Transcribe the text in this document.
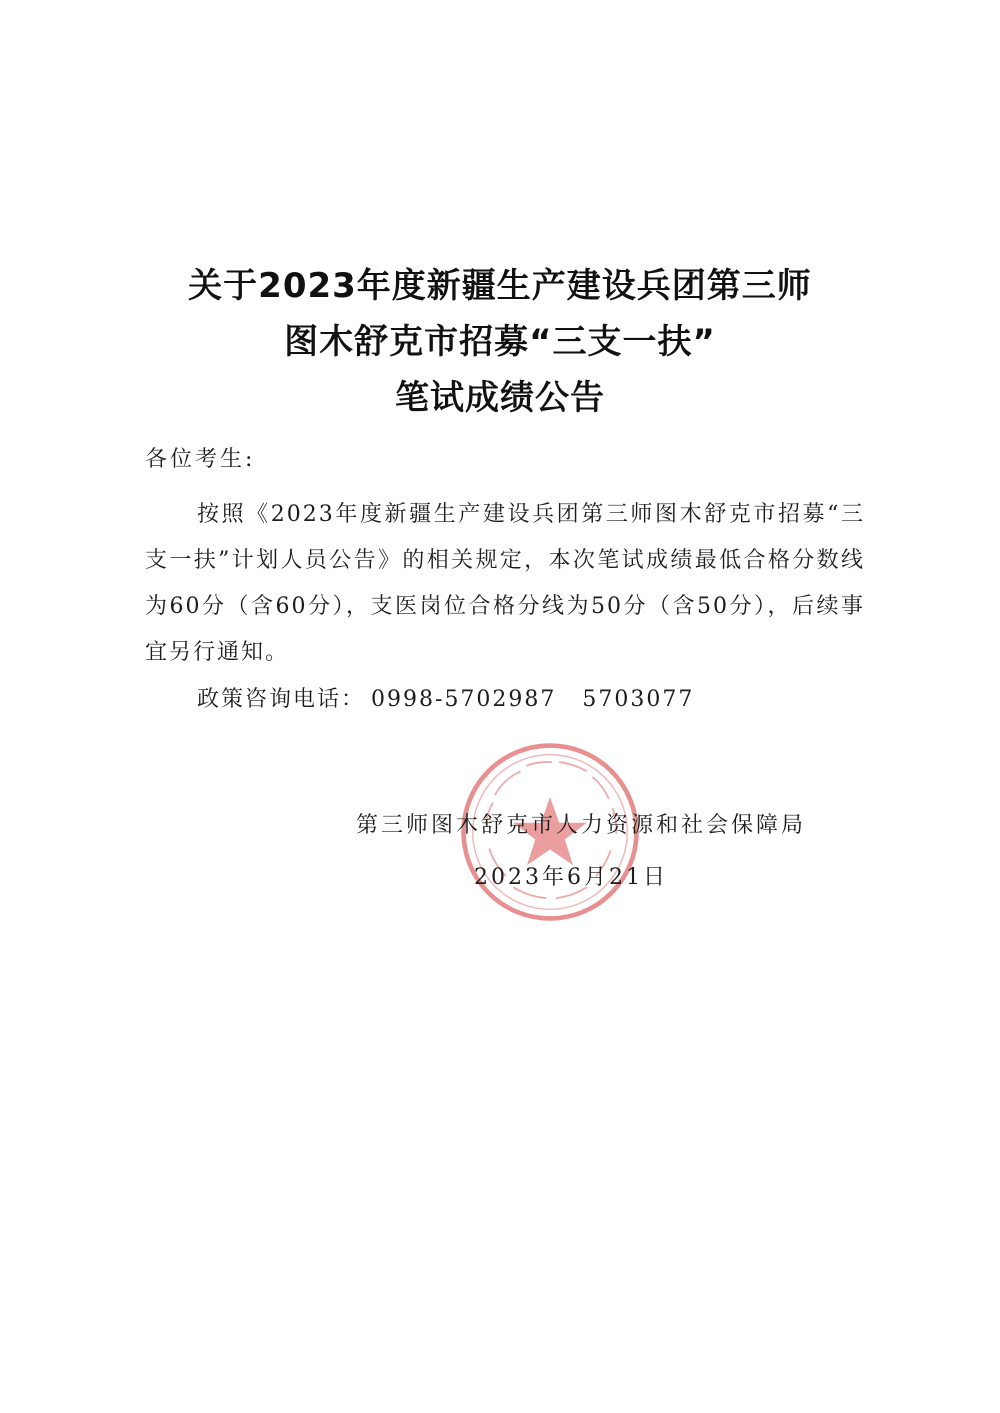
关于2023年度新疆生产建设兵团第三师
图木舒克市招募“三支一扶”
笔试成绩公告
各位考生:
按照《2023年度新疆生产建设兵团第三师图木舒克市招募“三支一扶”计划人员公告》的相关规定，本次笔试成绩最低合格分数线为60分（含60分），支医岗位合格分线为50分（含50分），后续事宜另行通知。
政策咨询电话： 0998-5702987 5703077
第三师图木舒克市人力资源和社会保障局
2023年6月21日
